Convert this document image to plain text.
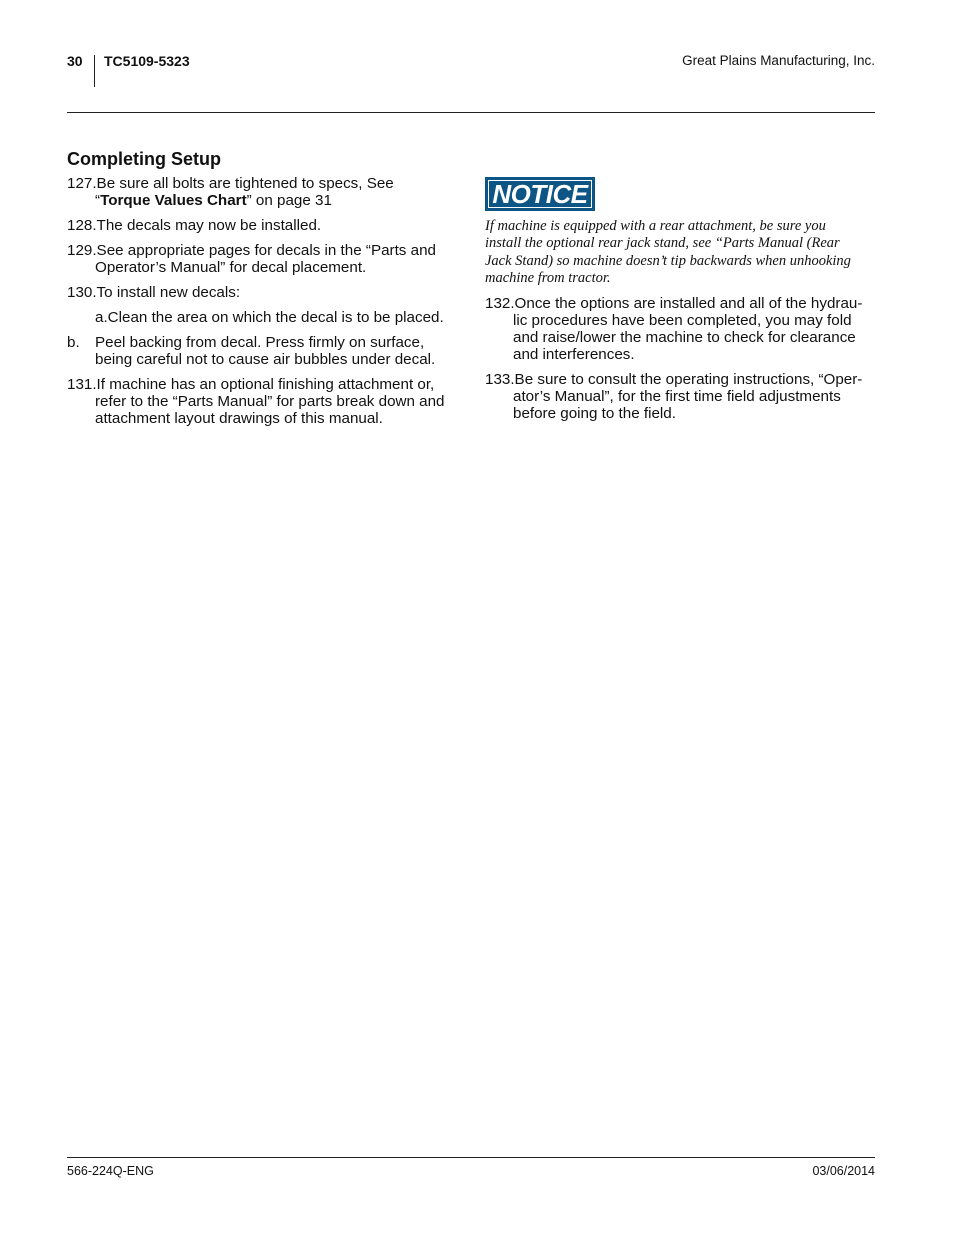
30 TC5109-5323	Great Plains Manufacturing, Inc.
Completing Setup
127.Be sure all bolts are tightened to specs, See
“Torque Values Chart” on page 31
128.The decals may now be installed.
129.See appropriate pages for decals in the “Parts and
Operator’s Manual” for decal placement.
130.To install new decals:
a.Clean the area on which the decal is to be placed.
b.	Peel backing from decal. Press firmly on surface,
being careful not to cause air bubbles under decal.
131.If machine has an optional finishing attachment or,
refer to the “Parts Manual” for parts break down and
attachment layout drawings of this manual.
NOTICE
If machine is equipped with a rear attachment, be sure you
install the optional rear jack stand, see “Parts Manual (Rear
Jack Stand) so machine doesn’t tip backwards when unhooking
machine from tractor.
132.Once the options are installed and all of the hydrau-
lic procedures have been completed, you may fold
and raise/lower the machine to check for clearance
and interferences.
133.Be sure to consult the operating instructions, “Oper-
ator’s Manual”, for the first time field adjustments
before going to the field.
566-224Q-ENG	03/06/2014
